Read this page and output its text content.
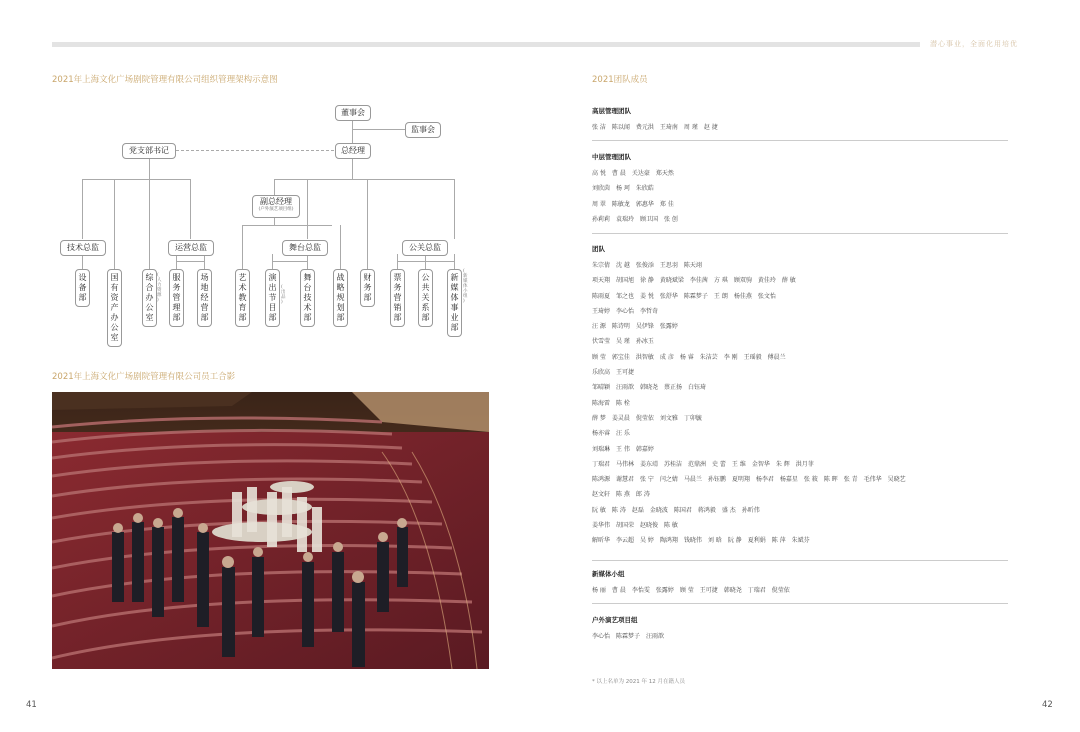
潜心事业，全面化用培优
2021年上海文化广场剧院管理有限公司组织管理架构示意图
董事会
监事会
总经理
党支部书记
副总经理
(户外演艺项目组)
技术总监	运营总监	舞台总监	公关总监
设
备
部
国
有
资
产
办
公
室
综
合
办
公
室
(
人
力
资
源
)
服
务
管
理
部
场
地
经
营
部
艺
术
教
育
部
演
出
节
目
部
(
出
品
)
舞
台
技
术
部
战
略
规
划
部
财
务
部
票
务
营
销
部
公
共
关
系
部
新
媒
体
事
业
部
(
新
媒
体
小
组
)
2021年上海文化广场剧院管理有限公司员工合影
41
2021团队成员
高层管理团队
张 洁　陈以闻　费元洪　王琦南　周 瑾　赵 捷
中层管理团队
高 悦　曹 晨　关达豪　郑天然
刘欣茵　杨 珂　朱欣皓
周 翠　陈敏龙　郭惠华　郑 佳
孙莉莉　袁瑞玲　顾卫国　张 创
团队
朱宗倩　沈 越　张俊添　王思羽　陈天翊
项天翔　胡国旭　徐 静　黄晓斌梁　李佳茜　方 琪　顾双驹　黄佳玲　薛 敏
陈雨夏　邹之也　姜 悦　张舒华　陈霖梦子　王 朗　杨佳燕　张文怡
王琦婷　李心怡　李哲奇
汪 源　陈诗明　吴伊锋　张露婷
伏雪莹　吴 瑾　孙冰玉
顾 莹　郭宝佳　洪智敏　成 彦　杨 睿　朱洁芸　李 刚　王瑶毅　傅晨兰
乐欣高　王可捷
邹晴颖　汪雨歆　韩晓尧　蔡正扬　白钰琦
陈海雷　陈 栓
薛 梦　姜灵晨　倪莹依　刘文雅　丁卯毓
杨亦睿　汪 乐
刘瑞琳　王 伟　韩嘉婷
丁瑞君　马伟林　姜东靖　苏桂洁　范鼎洲　史 蕾　王 维　金智华　朱 辉　洪月菲
陈鸿源　谢慧君　张 宁　闫之婧　马晨兰　孙钰鹏　夏明翔　杨李君　杨嘉星　张 筱　陈 晖　张 青　毛伟华　吴晓艺
赵文轩　陈 燕　郎 涛
阮 敏　陈 涛　赵磊　金晓波　陈国君　蒋鸿毅　盛 杰　孙昕伟
姜华伟　胡国荣　赵晓俊　陈 敏
解昕华　李云超　吴 婷　陶鸿翔　钱晓伟　刘 晗　阮 静　夏利娟　陈 萍　朱斌芬
新媒体小组
杨 丽　曹 晨　李怡雯　张露婷　顾 莹　王可捷　韩晓尧　丁瑞君　倪莹依
户外演艺项目组
李心怡　陈霖梦子　汪雨歆
* 以上名单为 2021 年 12 月在籍人员
42
